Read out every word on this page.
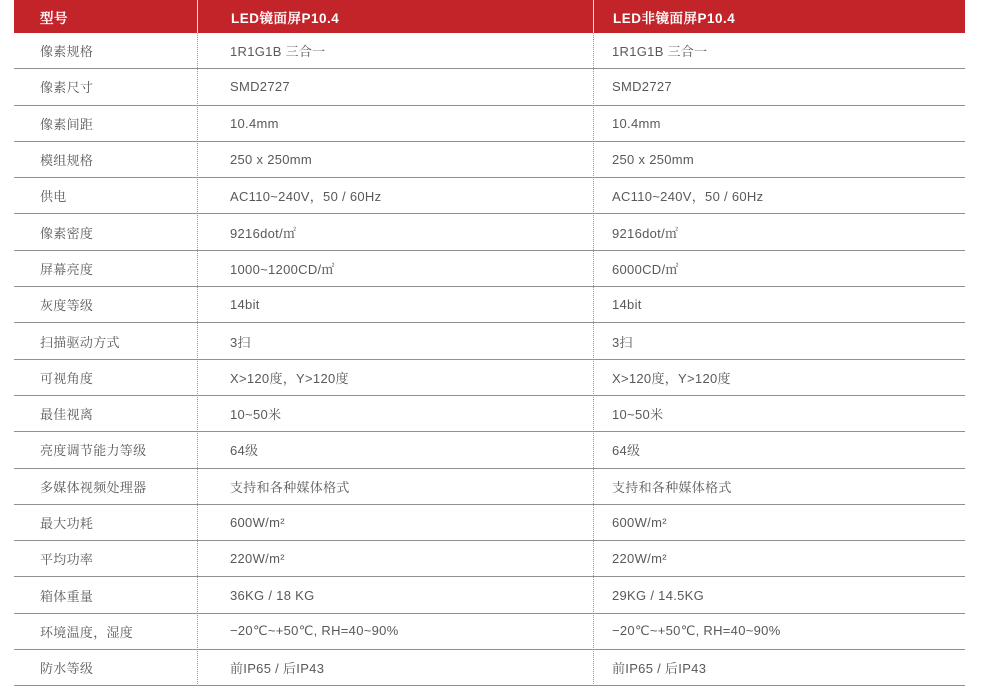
型号	LED镜面屏P10.4	LED非镜面屏P10.4
像素规格	1R1G1B 三合一	1R1G1B 三合一
像素尺寸	SMD2727	SMD2727
像素间距	10.4mm	10.4mm
模组规格	250 x 250mm	250 x 250mm
供电	AC110~240V，50 / 60Hz	AC110~240V，50 / 60Hz
像素密度	9216dot/㎡	9216dot/㎡
屏幕亮度	1000~1200CD/㎡	6000CD/㎡
灰度等级	14bit	14bit
扫描驱动方式	3扫	3扫
可视角度	X>120度，Y>120度	X>120度，Y>120度
最佳视离	10~50米	10~50米
亮度调节能力等级	64级	64级
多媒体视频处理器	支持和各种媒体格式	支持和各种媒体格式
最大功耗	600W/m²	600W/m²
平均功率	220W/m²	220W/m²
箱体重量	36KG / 18 KG	29KG / 14.5KG
环境温度，湿度	−20℃~+50℃, RH=40~90%	−20℃~+50℃, RH=40~90%
防水等级	前IP65 / 后IP43	前IP65 / 后IP43
